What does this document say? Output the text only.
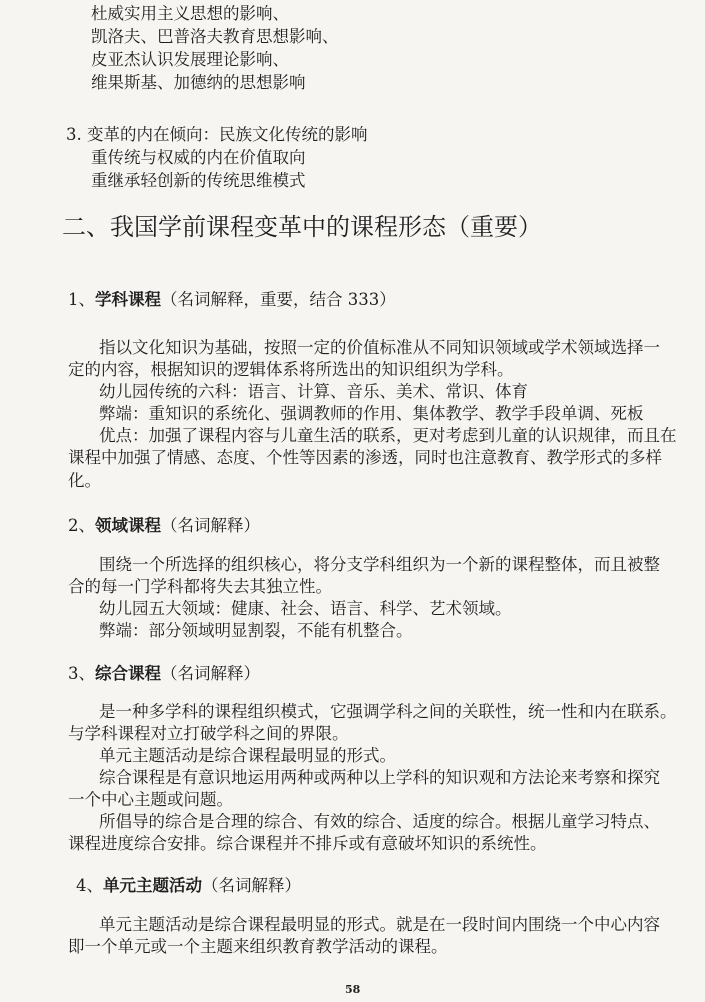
杜威实用主义思想的影响、
凯洛夫、巴普洛夫教育思想影响、
皮亚杰认识发展理论影响、
维果斯基、加德纳的思想影响
3. 变革的内在倾向：民族文化传统的影响
重传统与权威的内在价值取向
重继承轻创新的传统思维模式
二、我国学前课程变革中的课程形态（重要）
1、学科课程（名词解释，重要，结合 333）
指以文化知识为基础，按照一定的价值标准从不同知识领域或学术领域选择一
定的内容，根据知识的逻辑体系将所选出的知识组织为学科。
幼儿园传统的六科：语言、计算、音乐、美术、常识、体育
弊端：重知识的系统化、强调教师的作用、集体教学、教学手段单调、死板
优点：加强了课程内容与儿童生活的联系，更对考虑到儿童的认识规律，而且在
课程中加强了情感、态度、个性等因素的渗透，同时也注意教育、教学形式的多样
化。
2、领域课程（名词解释）
围绕一个所选择的组织核心，将分支学科组织为一个新的课程整体，而且被整
合的每一门学科都将失去其独立性。
幼儿园五大领域：健康、社会、语言、科学、艺术领域。
弊端：部分领域明显割裂，不能有机整合。
3、综合课程（名词解释）
是一种多学科的课程组织模式，它强调学科之间的关联性，统一性和内在联系。
与学科课程对立打破学科之间的界限。
单元主题活动是综合课程最明显的形式。
综合课程是有意识地运用两种或两种以上学科的知识观和方法论来考察和探究
一个中心主题或问题。
所倡导的综合是合理的综合、有效的综合、适度的综合。根据儿童学习特点、
课程进度综合安排。综合课程并不排斥或有意破坏知识的系统性。
4、单元主题活动（名词解释）
单元主题活动是综合课程最明显的形式。就是在一段时间内围绕一个中心内容
即一个单元或一个主题来组织教育教学活动的课程。
58
